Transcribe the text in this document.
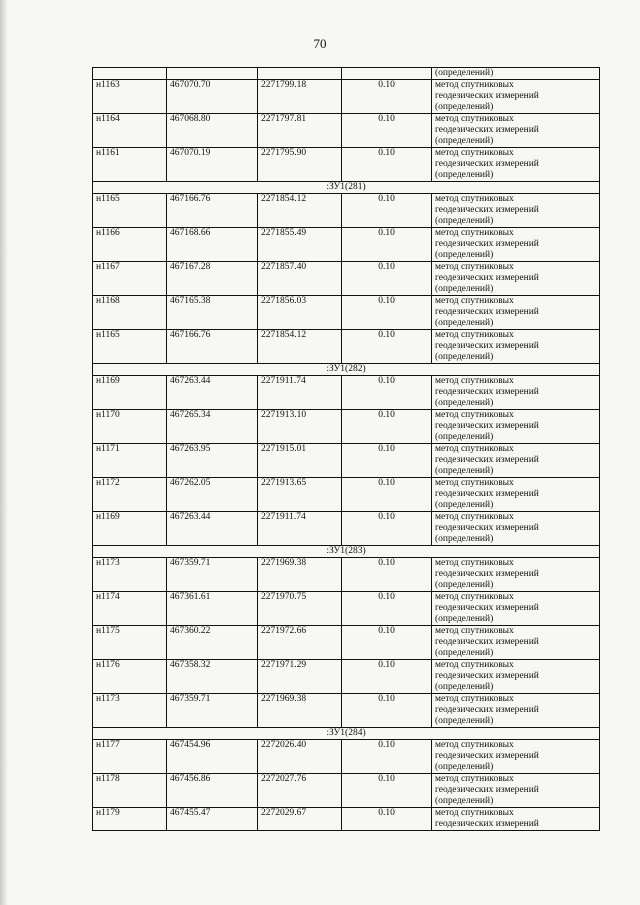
70
				(определений)
н1163	467070.70	2271799.18	0.10	метод спутниковых
геодезических измерений
(определений)

н1164	467068.80	2271797.81	0.10	метод спутниковых
геодезических измерений
(определений)

н1161	467070.19	2271795.90	0.10	метод спутниковых
геодезических измерений
(определений)

:ЗУ1(281)				
н1165	467166.76	2271854.12	0.10	метод спутниковых
геодезических измерений
(определений)

н1166	467168.66	2271855.49	0.10	метод спутниковых
геодезических измерений
(определений)

н1167	467167.28	2271857.40	0.10	метод спутниковых
геодезических измерений
(определений)

н1168	467165.38	2271856.03	0.10	метод спутниковых
геодезических измерений
(определений)

н1165	467166.76	2271854.12	0.10	метод спутниковых
геодезических измерений
(определений)

:ЗУ1(282)				
н1169	467263.44	2271911.74	0.10	метод спутниковых
геодезических измерений
(определений)

н1170	467265.34	2271913.10	0.10	метод спутниковых
геодезических измерений
(определений)

н1171	467263.95	2271915.01	0.10	метод спутниковых
геодезических измерений
(определений)

н1172	467262.05	2271913.65	0.10	метод спутниковых
геодезических измерений
(определений)

н1169	467263.44	2271911.74	0.10	метод спутниковых
геодезических измерений
(определений)

:ЗУ1(283)				
н1173	467359.71	2271969.38	0.10	метод спутниковых
геодезических измерений
(определений)

н1174	467361.61	2271970.75	0.10	метод спутниковых
геодезических измерений
(определений)

н1175	467360.22	2271972.66	0.10	метод спутниковых
геодезических измерений
(определений)

н1176	467358.32	2271971.29	0.10	метод спутниковых
геодезических измерений
(определений)

н1173	467359.71	2271969.38	0.10	метод спутниковых
геодезических измерений
(определений)

:ЗУ1(284)				
н1177	467454.96	2272026.40	0.10	метод спутниковых
геодезических измерений
(определений)

н1178	467456.86	2272027.76	0.10	метод спутниковых
геодезических измерений
(определений)

н1179	467455.47	2272029.67	0.10	метод спутниковых
геодезических измерений
